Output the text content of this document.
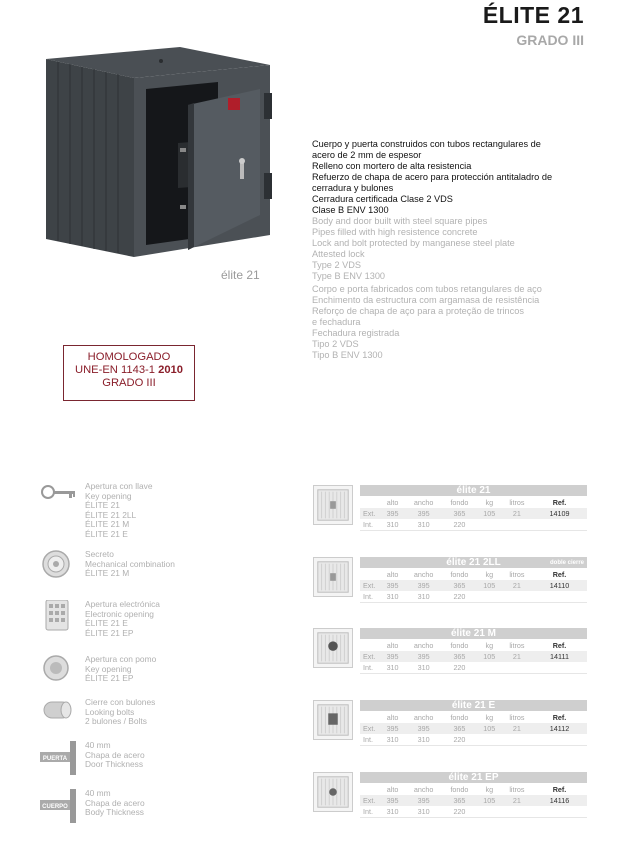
ÉLITE 21
GRADO III
élite 21
Cuerpo y puerta construidos con tubos rectangulares de
acero de 2 mm de espesor
Relleno con mortero de alta resistencia
Refuerzo de chapa de acero para protección antitaladro de
cerradura y bulones
Cerradura certificada Clase 2 VDS
Clase B ENV 1300
Body and door built with steel square pipes
Pipes filled with high resistence concrete
Lock and bolt protected by manganese steel plate
Attested lock
Type 2 VDS
Type B ENV 1300
Corpo e porta fabricados com tubos retangulares de aço
Enchimento da estructura com argamasa de resistência
Reforço de chapa de aço para a proteção de trincos
e fechadura
Fechadura registrada
Tipo 2 VDS
Tipo B ENV 1300
HOMOLOGADO
UNE-EN 1143-1 2010
GRADO III
Apertura con llave
Key opening
ÉLITE 21
ÉLITE 21 2LL
ÉLITE 21 M
ÉLITE 21 E
Secreto
Mechanical combination
ÉLITE 21 M
Apertura electrónica
Electronic opening
ÉLITE 21 E
ÉLITE 21 EP
Apertura con pomo
Key opening
ÉLITE 21 EP
Cierre con bulones
Looking bolts
2 bulones / Bolts
PUERTA
40 mm
Chapa de acero
Door Thickness
CUERPO
40 mm
Chapa de acero
Body Thickness
élite 21
	alto	ancho	fondo	kg	litros	Ref.
Ext.	395	395	365	105	21	14109
Int.	310	310	220			
élite 21 2LL	doble cierre
	alto	ancho	fondo	kg	litros	Ref.
Ext.	395	395	365	105	21	14110
Int.	310	310	220			
élite 21 M
	alto	ancho	fondo	kg	litros	Ref.
Ext.	395	395	365	105	21	14111
Int.	310	310	220			
élite 21 E
	alto	ancho	fondo	kg	litros	Ref.
Ext.	395	395	365	105	21	14112
Int.	310	310	220			
élite 21 EP
	alto	ancho	fondo	kg	litros	Ref.
Ext.	395	395	365	105	21	14116
Int.	310	310	220			
